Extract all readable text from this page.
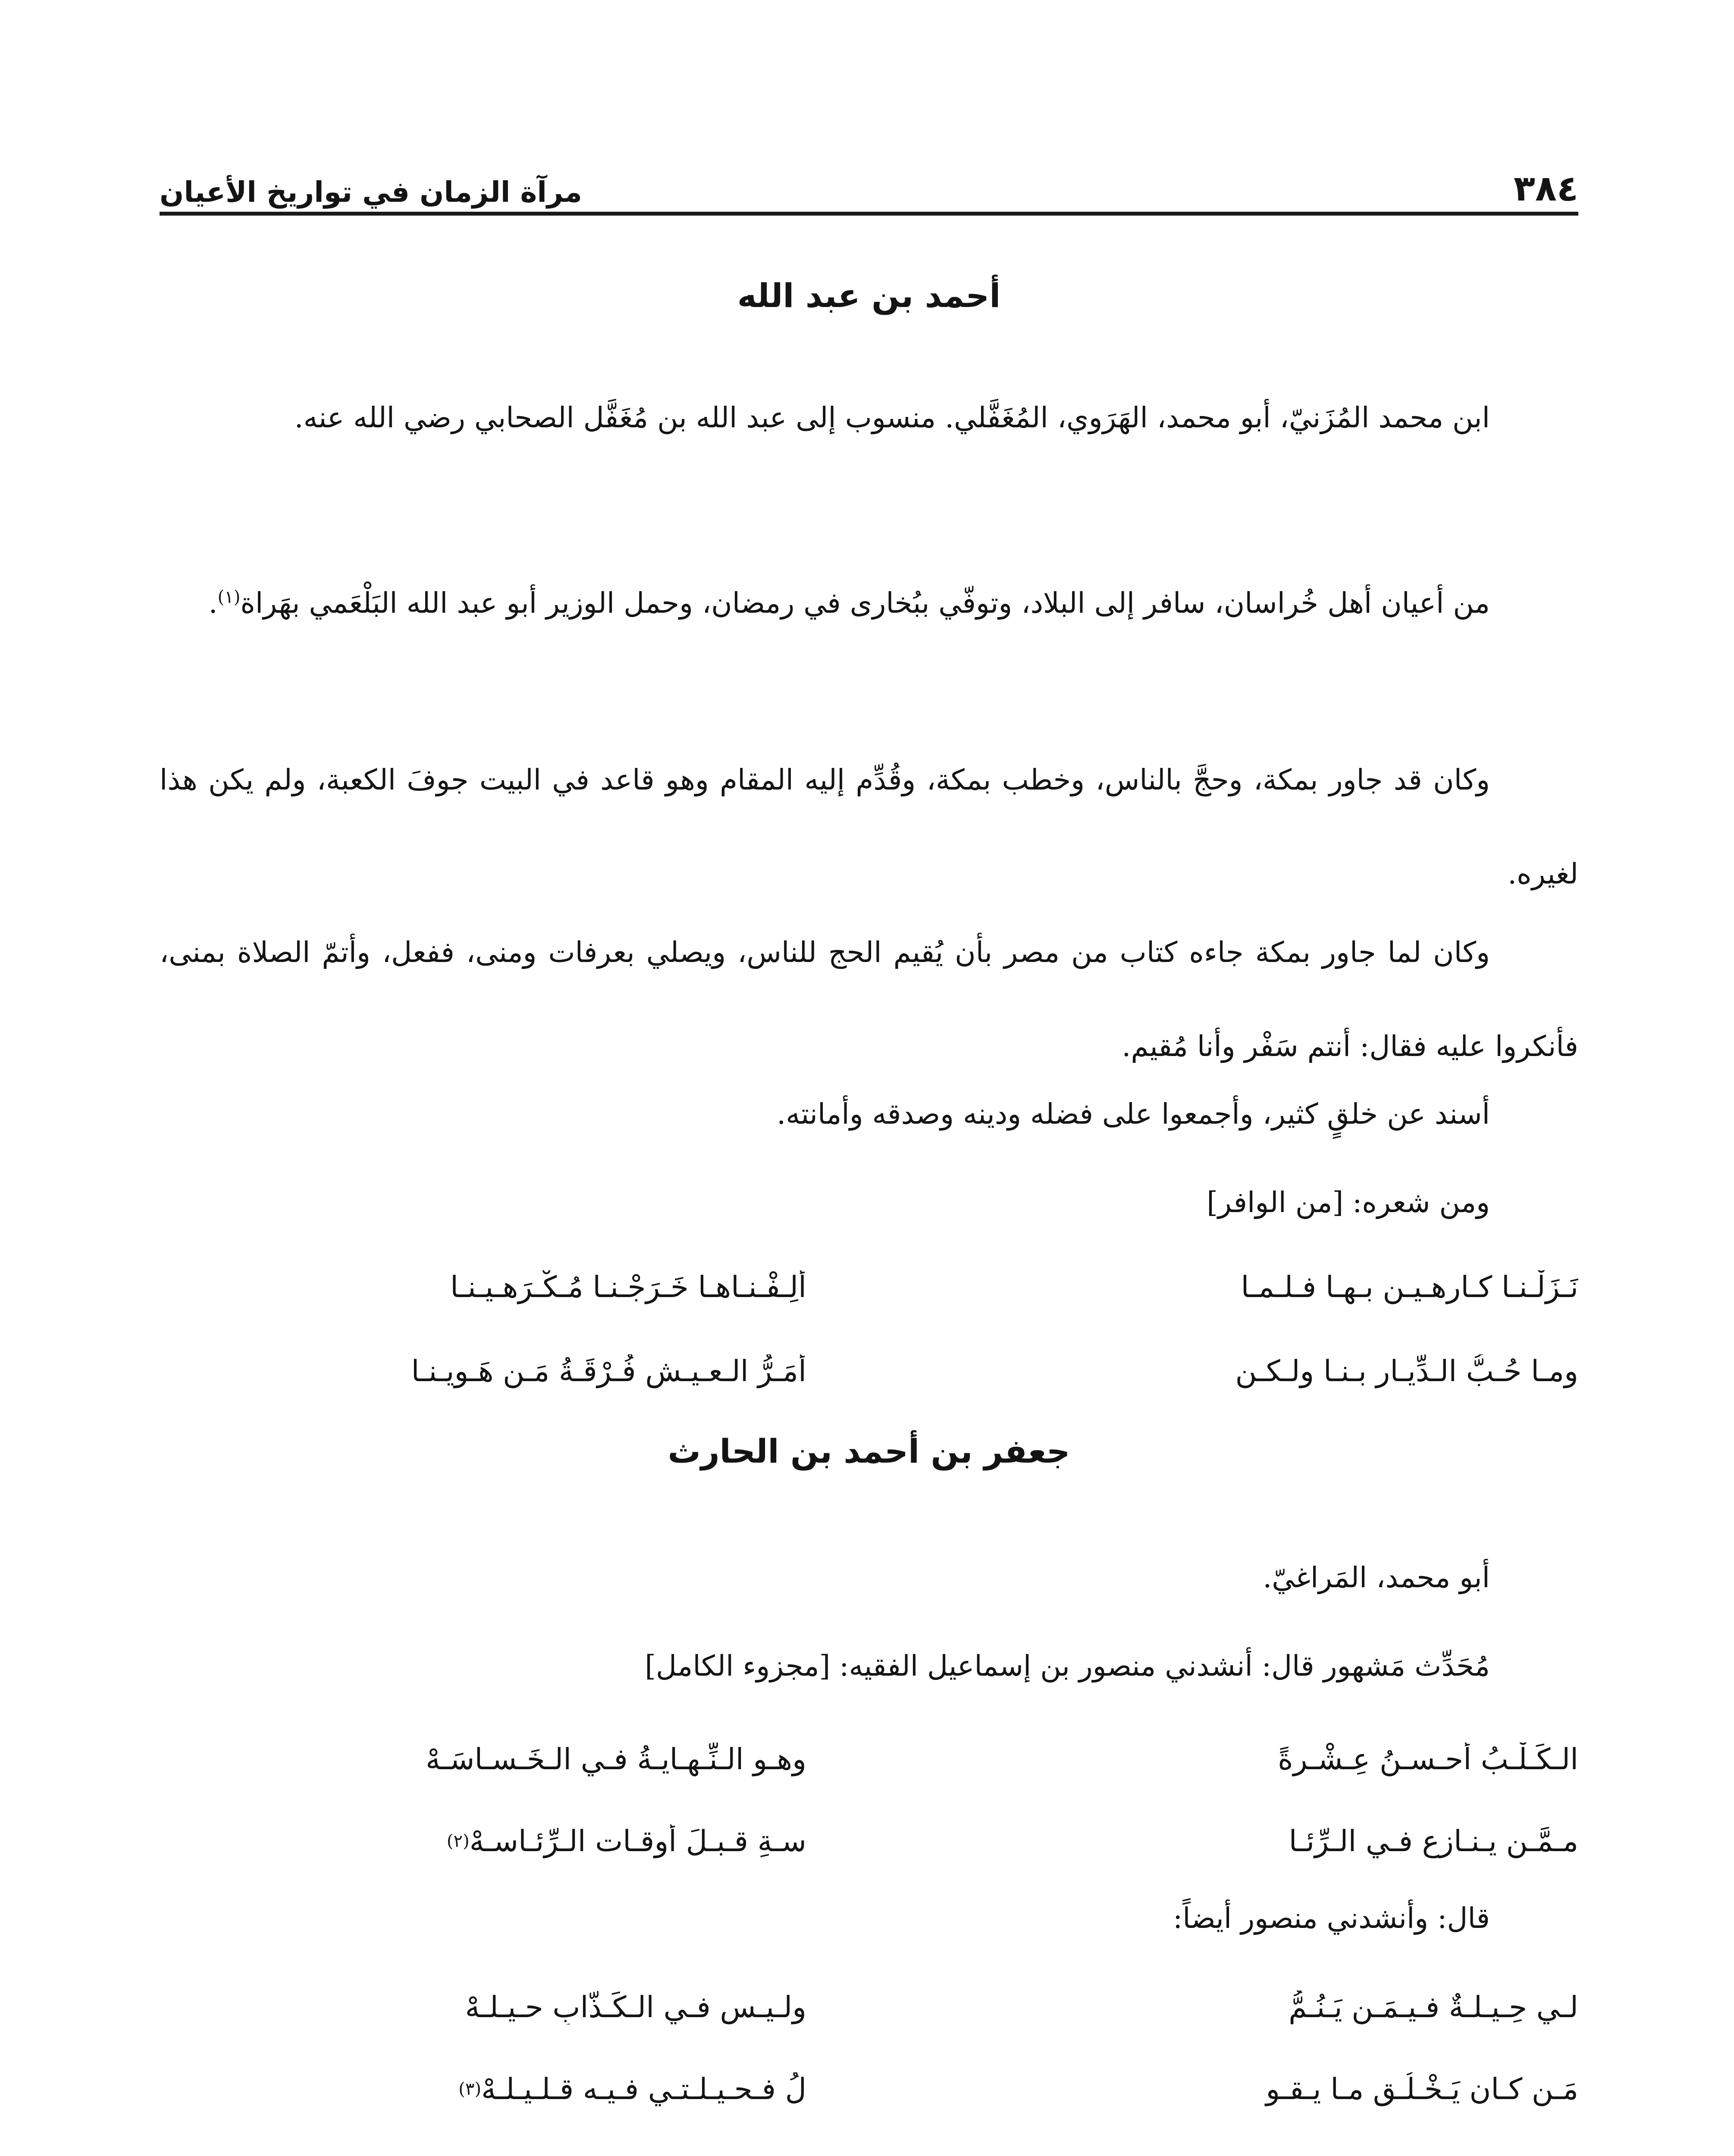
٣٨٤
مرآة الزمان في تواريخ الأعيان
أحمد بن عبد الله

ابن محمد المُزَنيّ، أبو محمد، الهَرَوي، المُغَفَّلي. منسوب إلى عبد الله بن مُغَفَّل الصحابي رضي الله عنه.

من أعيان أهل خُراسان، سافر إلى البلاد، وتوفّي ببُخارى في رمضان، وحمل الوزير أبو عبد الله البَلْعَمي بهَراة$^{(١)}$.

وكان قد جاور بمكة، وحجَّ بالناس، وخطب بمكة، وقُدِّم إليه المقام وهو قاعد في البيت جوفَ الكعبة، ولم يكن هذا لغيره.

وكان لما جاور بمكة جاءه كتاب من مصر بأن يُقيم الحج للناس، ويصلي بعرفات ومنى، ففعل، وأتمّ الصلاة بمنى، فأنكروا عليه فقال: أنتم سَفْر وأنا مُقيم.

أسند عن خلقٍ كثير، وأجمعوا على فضله ودينه وصدقه وأمانته.

ومن شعره: [من الوافر]

نَـزَلْـنـا كـارهـيـن بـهـا فـلـمـا
أَلِـفْـنـاهـا خَـرَجْـنـا مُـكْـرَهـيـنـا
ومـا حُـبُّ الـدِّيـارِ بـنـا ولـكـن
أَمَـرُّ الـعـيـشِ فُـرْقَـةُ مَـن هَـوِيـنـا
جعفر بن أحمد بن الحارث

أبو محمد، المَراغيّ.

مُحَدِّث مَشهور قال: أنشدني منصور بن إسماعيل الفقيه: [مجزوء الكامل]

الـكَـلْـبُ أحـسـنُ عِـشْـرةً
وهـو الـنِّـهـايـةُ فـي الـخَـسـاسَـهْ
مـمَّـن يـنـازع فـي الـرِّئـا
سـةِ قـبـلَ أوقـات الـرِّئـاسـهْ
(٢)

قال: وأنشدني منصور أيضاً:

لـي حِـيـلـةٌ فـيـمَـن يَـنُـمُّ
ولـيـس فـي الـكَـذَّابِ حـيـلـهْ
مَـن كـان يَـخْـلُـق مـا يـقـو
لُ فـحـيـلـتـي فـيـه قـلـيـلـهْ
(٣)
